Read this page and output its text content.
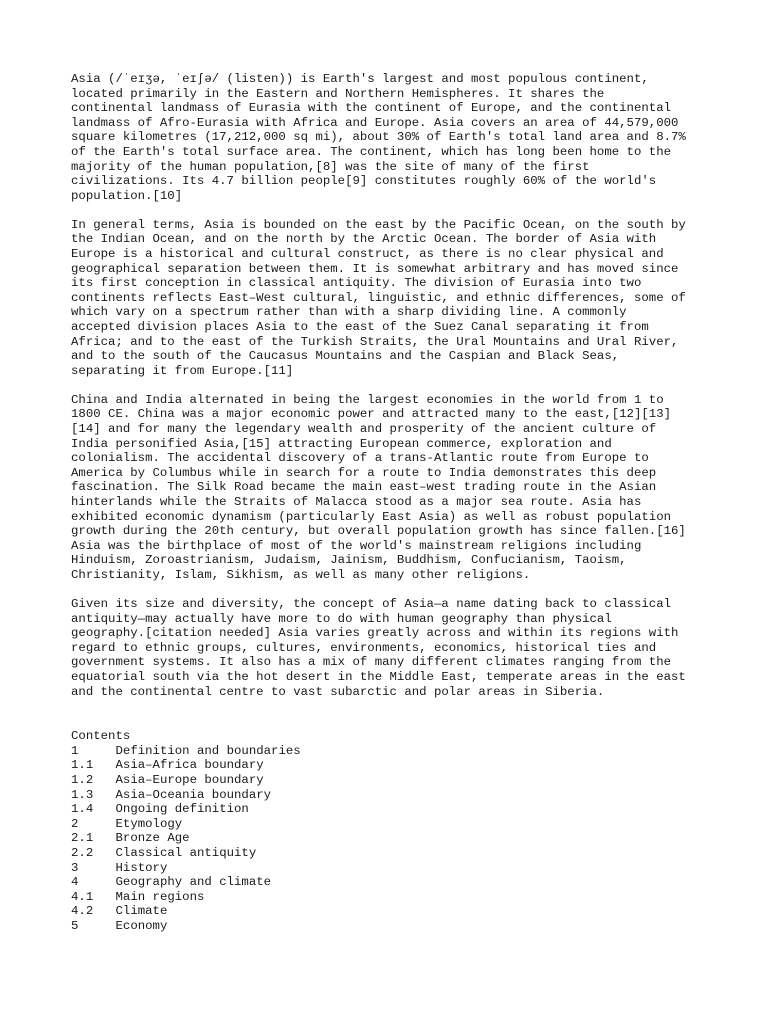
Asia (/ˈeɪʒə, ˈeɪʃə/ (listen)) is Earth's largest and most populous continent,
located primarily in the Eastern and Northern Hemispheres. It shares the
continental landmass of Eurasia with the continent of Europe, and the continental
landmass of Afro-Eurasia with Africa and Europe. Asia covers an area of 44,579,000
square kilometres (17,212,000 sq mi), about 30% of Earth's total land area and 8.7%
of the Earth's total surface area. The continent, which has long been home to the
majority of the human population,[8] was the site of many of the first
civilizations. Its 4.7 billion people[9] constitutes roughly 60% of the world's
population.[10]
In general terms, Asia is bounded on the east by the Pacific Ocean, on the south by
the Indian Ocean, and on the north by the Arctic Ocean. The border of Asia with
Europe is a historical and cultural construct, as there is no clear physical and
geographical separation between them. It is somewhat arbitrary and has moved since
its first conception in classical antiquity. The division of Eurasia into two
continents reflects East–West cultural, linguistic, and ethnic differences, some of
which vary on a spectrum rather than with a sharp dividing line. A commonly
accepted division places Asia to the east of the Suez Canal separating it from
Africa; and to the east of the Turkish Straits, the Ural Mountains and Ural River,
and to the south of the Caucasus Mountains and the Caspian and Black Seas,
separating it from Europe.[11]
China and India alternated in being the largest economies in the world from 1 to
1800 CE. China was a major economic power and attracted many to the east,[12][13]
[14] and for many the legendary wealth and prosperity of the ancient culture of
India personified Asia,[15] attracting European commerce, exploration and
colonialism. The accidental discovery of a trans-Atlantic route from Europe to
America by Columbus while in search for a route to India demonstrates this deep
fascination. The Silk Road became the main east–west trading route in the Asian
hinterlands while the Straits of Malacca stood as a major sea route. Asia has
exhibited economic dynamism (particularly East Asia) as well as robust population
growth during the 20th century, but overall population growth has since fallen.[16]
Asia was the birthplace of most of the world's mainstream religions including
Hinduism, Zoroastrianism, Judaism, Jainism, Buddhism, Confucianism, Taoism,
Christianity, Islam, Sikhism, as well as many other religions.
Given its size and diversity, the concept of Asia—a name dating back to classical
antiquity—may actually have more to do with human geography than physical
geography.[citation needed] Asia varies greatly across and within its regions with
regard to ethnic groups, cultures, environments, economics, historical ties and
government systems. It also has a mix of many different climates ranging from the
equatorial south via the hot desert in the Middle East, temperate areas in the east
and the continental centre to vast subarctic and polar areas in Siberia.
Contents
1	Definition and boundaries
1.1	Asia–Africa boundary
1.2	Asia–Europe boundary
1.3	Asia–Oceania boundary
1.4	Ongoing definition
2	Etymology
2.1	Bronze Age
2.2	Classical antiquity
3	History
4	Geography and climate
4.1	Main regions
4.2	Climate
5	Economy
